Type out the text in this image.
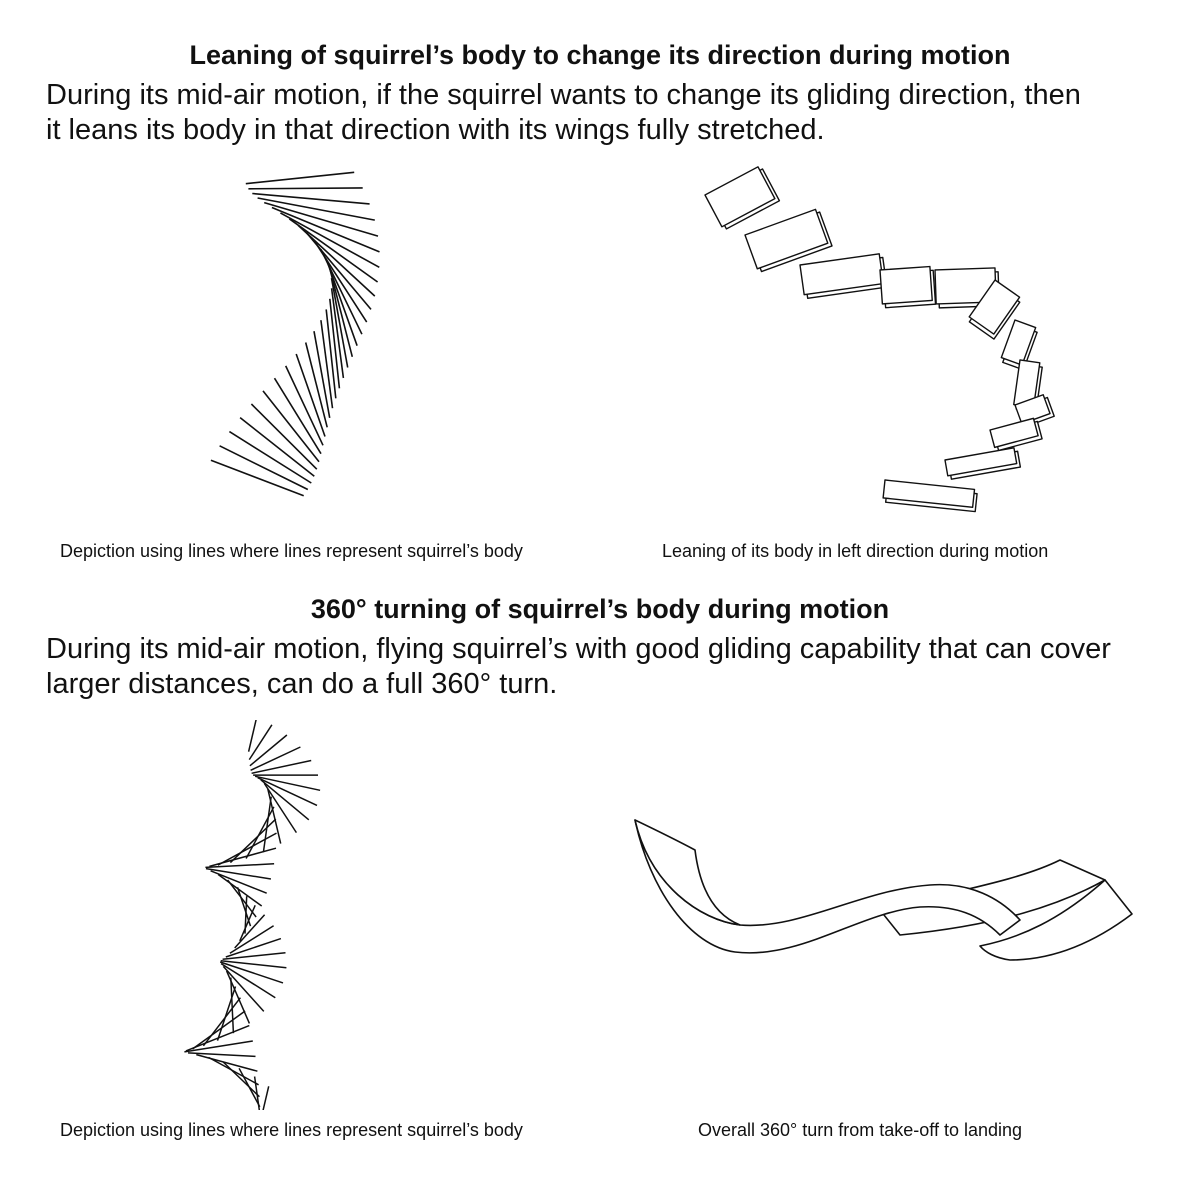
Leaning of squirrel’s body to change its direction during motion

During its mid-air motion, if the squirrel wants to change its gliding direction, then
it leans its body in that direction with its wings fully stretched.

Depiction using lines where lines represent squirrel’s body	Leaning of its body in left direction during motion

360° turning of squirrel’s body during motion

During its mid-air motion, flying squirrel’s with good gliding capability that can cover
larger distances, can do a full 360° turn.

Depiction using lines where lines represent squirrel’s body	Overall 360° turn from take-off to landing
